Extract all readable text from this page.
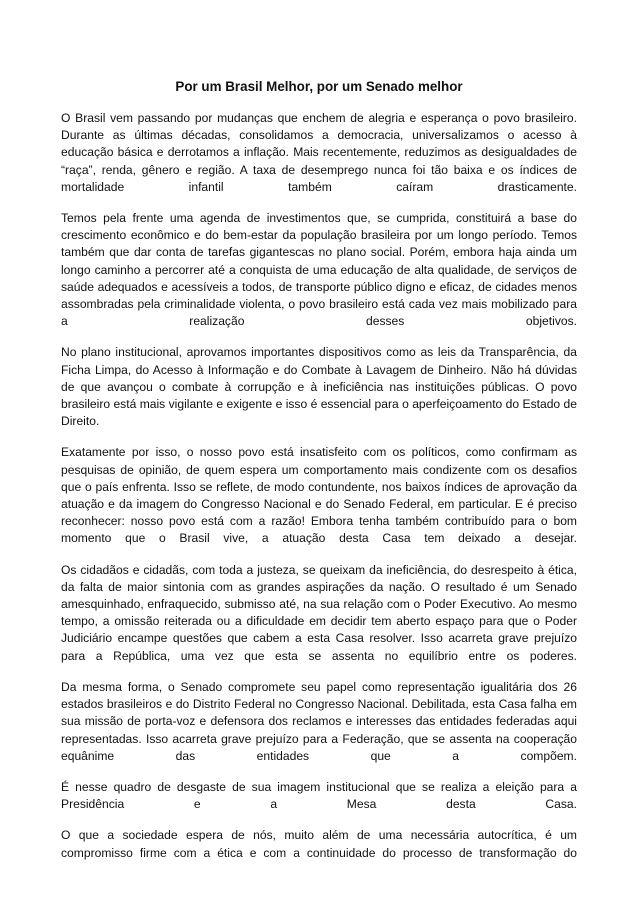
Por um Brasil Melhor, por um Senado melhor

O Brasil vem passando por mudanças que enchem de alegria e esperança o povo brasileiro. Durante as últimas décadas, consolidamos a democracia, universalizamos o acesso à educação básica e derrotamos a inflação. Mais recentemente, reduzimos as desigualdades de “raça”, renda, gênero e região. A taxa de desemprego nunca foi tão baixa e os índices de mortalidade infantil também caíram drasticamente.

Temos pela frente uma agenda de investimentos que, se cumprida, constituirá a base do crescimento econômico e do bem-estar da população brasileira por um longo período. Temos também que dar conta de tarefas gigantescas no plano social. Porém, embora haja ainda um longo caminho a percorrer até a conquista de uma educação de alta qualidade, de serviços de saúde adequados e acessíveis a todos, de transporte público digno e eficaz, de cidades menos assombradas pela criminalidade violenta, o povo brasileiro está cada vez mais mobilizado para a realização desses objetivos.

No plano institucional, aprovamos importantes dispositivos como as leis da Transparência, da Ficha Limpa, do Acesso à Informação e do Combate à Lavagem de Dinheiro. Não há dúvidas de que avançou o combate à corrupção e à ineficiência nas instituições públicas. O povo brasileiro está mais vigilante e exigente e isso é essencial para o aperfeiçoamento do Estado de Direito.

Exatamente por isso, o nosso povo está insatisfeito com os políticos, como confirmam as pesquisas de opinião, de quem espera um comportamento mais condizente com os desafios que o país enfrenta. Isso se reflete, de modo contundente, nos baixos índices de aprovação da atuação e da imagem do Congresso Nacional e do Senado Federal, em particular. E é preciso reconhecer: nosso povo está com a razão! Embora tenha também contribuído para o bom momento que o Brasil vive, a atuação desta Casa tem deixado a desejar.

Os cidadãos e cidadãs, com toda a justeza, se queixam da ineficiência, do desrespeito à ética, da falta de maior sintonia com as grandes aspirações da nação. O resultado é um Senado amesquinhado, enfraquecido, submisso até, na sua relação com o Poder Executivo. Ao mesmo tempo, a omissão reiterada ou a dificuldade em decidir tem aberto espaço para que o Poder Judiciário encampe questões que cabem a esta Casa resolver. Isso acarreta grave prejuízo para a República, uma vez que esta se assenta no equilíbrio entre os poderes.

Da mesma forma, o Senado compromete seu papel como representação igualitária dos 26 estados brasileiros e do Distrito Federal no Congresso Nacional. Debilitada, esta Casa falha em sua missão de porta-voz e defensora dos reclamos e interesses das entidades federadas aqui representadas. Isso acarreta grave prejuízo para a Federação, que se assenta na cooperação equânime das entidades que a compõem.

É nesse quadro de desgaste de sua imagem institucional que se realiza a eleição para a Presidência e a Mesa desta Casa.

O que a sociedade espera de nós, muito além de uma necessária autocrítica, é um compromisso firme com a ética e com a continuidade do processo de transformação do
